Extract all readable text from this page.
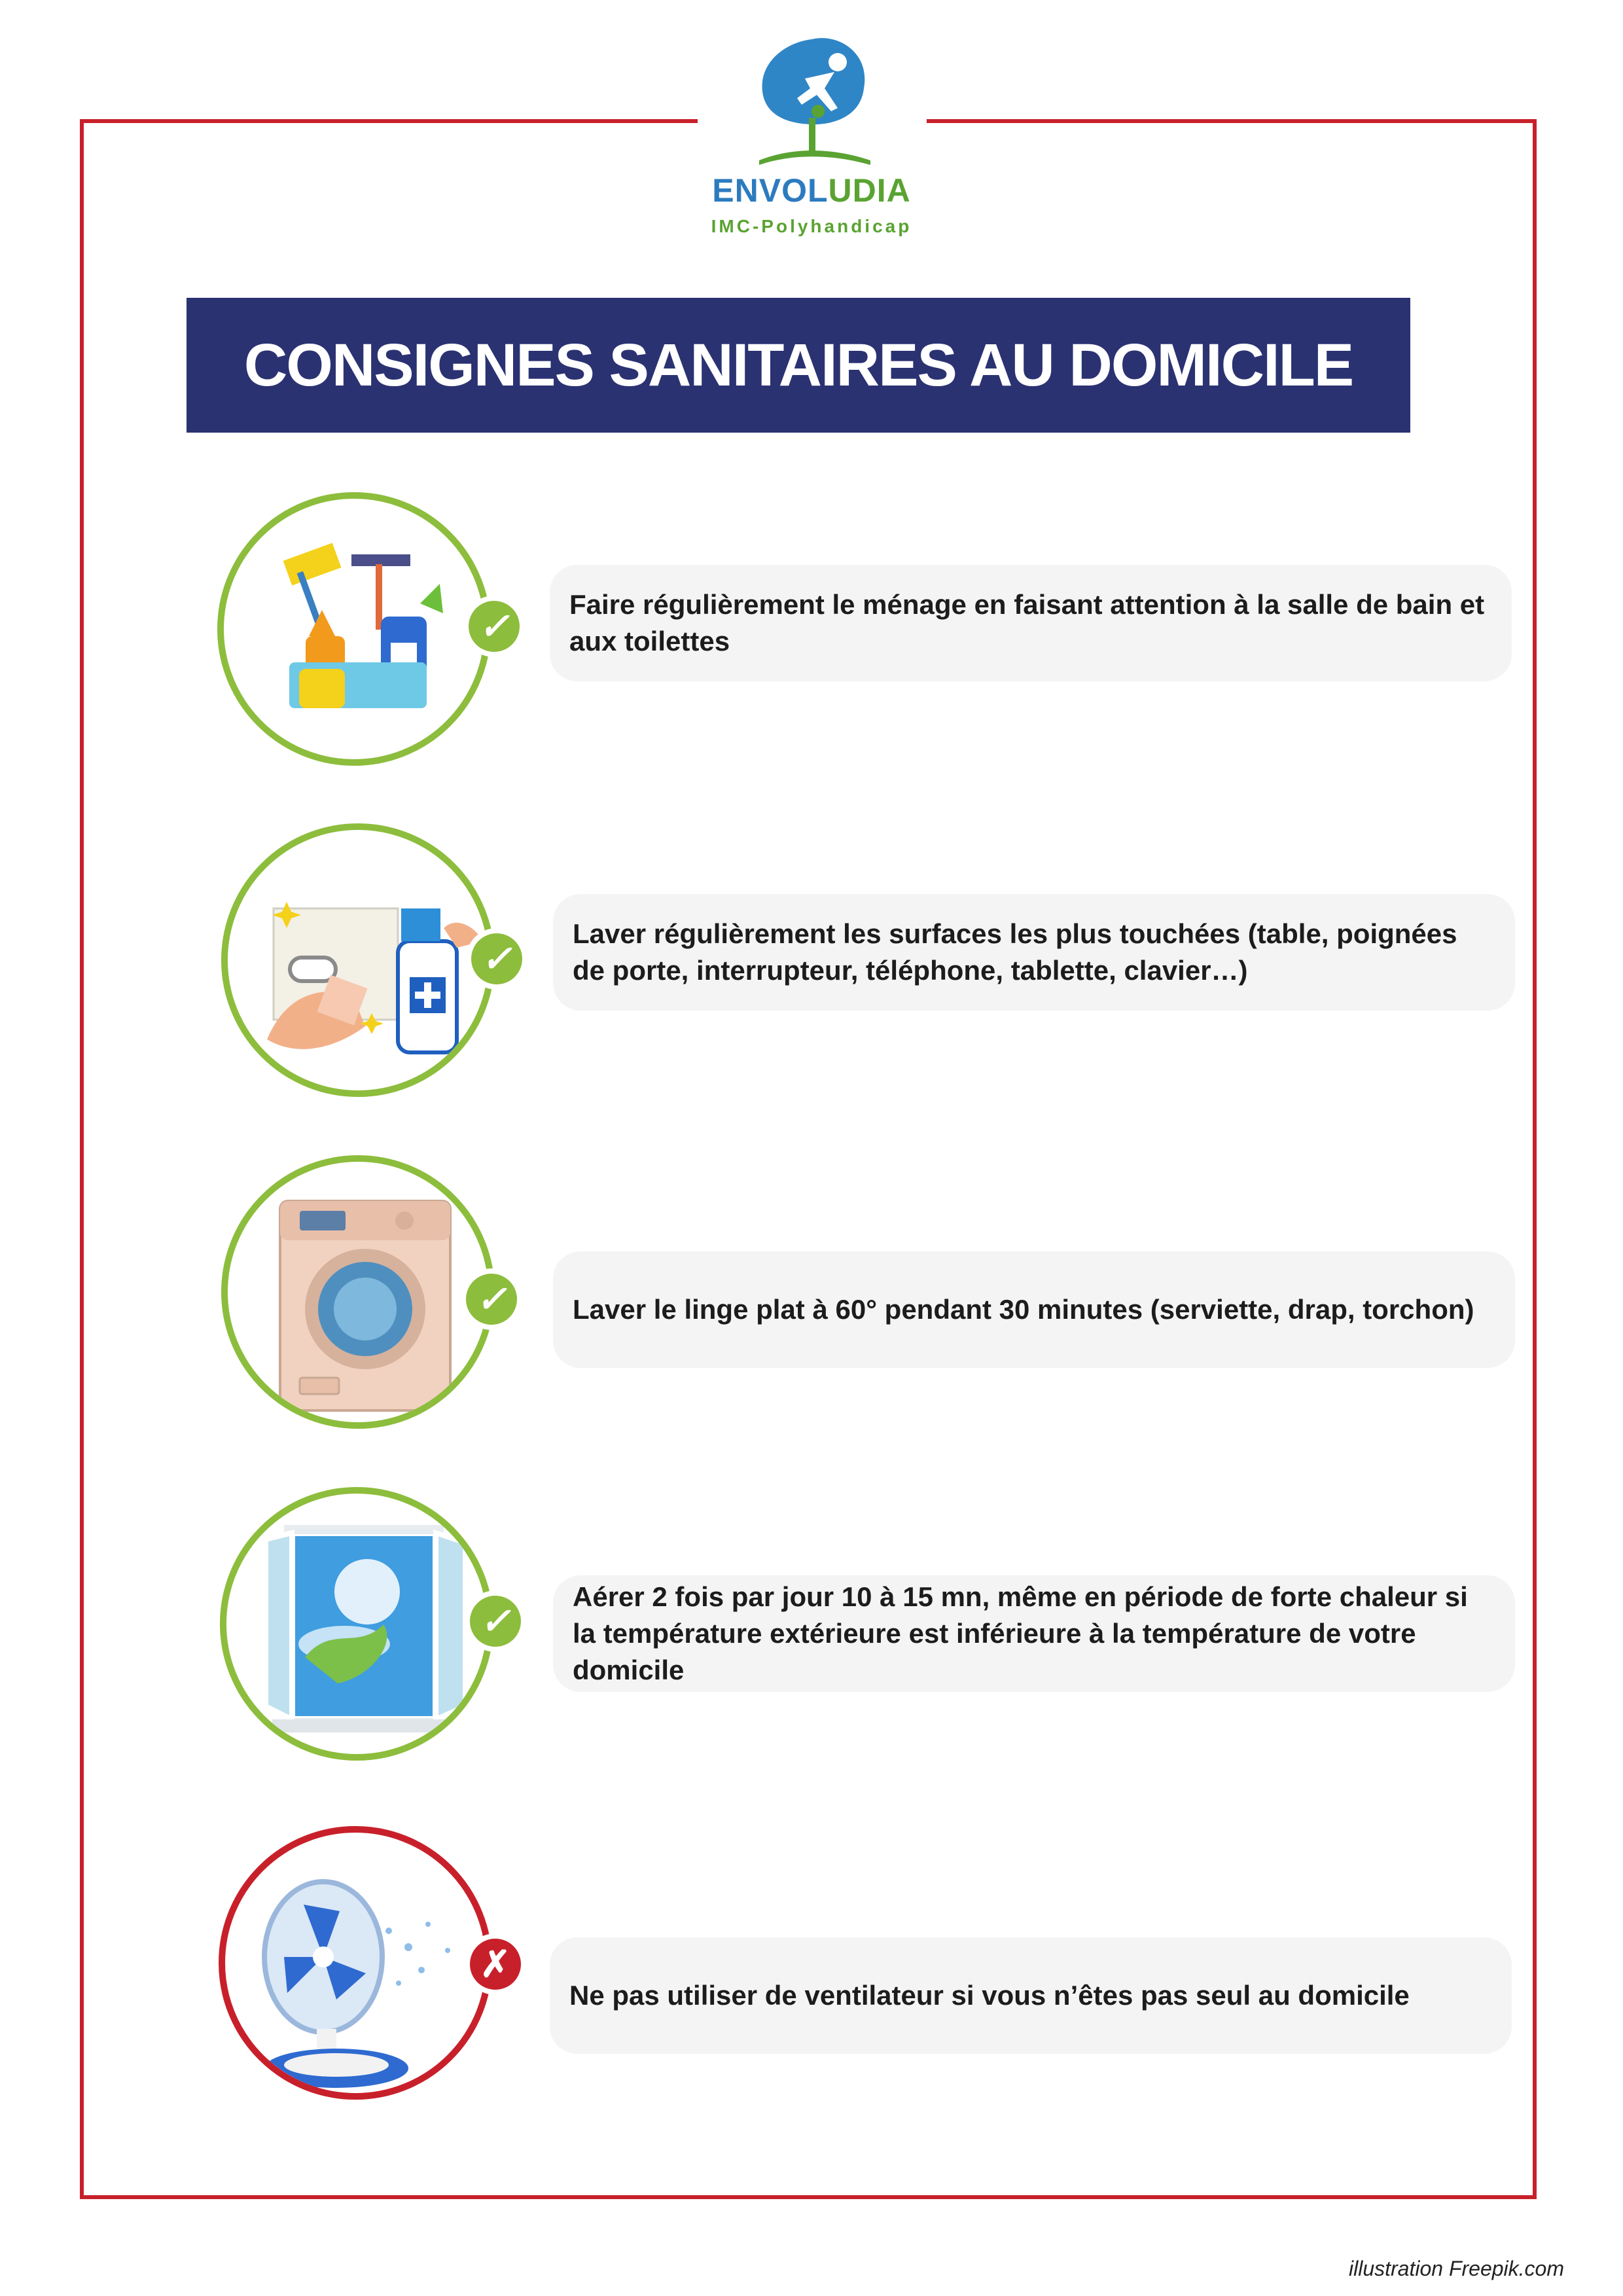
ENVOLUDIA
IMC-Polyhandicap
CONSIGNES SANITAIRES AU DOMICILE
✓
Faire régulièrement le ménage en faisant attention à la salle de bain et aux toilettes
✓
Laver régulièrement les surfaces les plus touchées (table, poignées de porte, interrupteur, téléphone, tablette, clavier…)
✓	Laver le linge plat à 60° pendant 30 minutes (serviette, drap, torchon)
✓
Aérer 2 fois par jour 10 à 15 mn, même en période de forte chaleur si la température extérieure est inférieure à la température de votre domicile
✗
Ne pas utiliser de ventilateur si vous n’êtes pas seul au domicile
illustration Freepik.com
